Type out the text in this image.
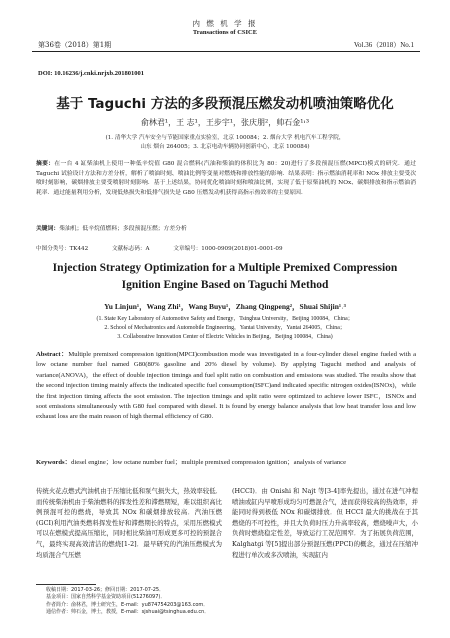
内 燃 机 学 报
Transactions of CSICE
第36卷（2018）第1期	Vol.36（2018）No.1
DOI: 10.16236/j.cnki.nrjxb.201801001
基于 Taguchi 方法的多段预混压燃发动机喷油策略优化
俞林君¹，王 志¹，王步宇¹，张庆朋²，帅石金¹˒³
(1. 清华大学 汽车安全与节能国家重点实验室，北京 100084；2. 烟台大学 机电汽车工程学院，
山东 烟台 264005；3. 北京电动车辆协同创新中心，北京 100084)
摘要：在一台 4 缸柴油机上使用一种低辛烷值 G80 混合燃料(汽油和柴油的体积比为 80：20)进行了多段预混压燃(MPCI)模式的研究．通过 Taguchi 试验设计方法和方差分析，解析了喷油时刻、喷油比例等变量对燃烧和排放性能的影响．结果表明：指示燃油消耗率和 NOx 排放主要受次喷时刻影响，碳烟排放主要受喷射时刻影响．基于上述结果，协同优化喷油时刻和喷油比例，实现了低于原柴油机的 NOx、碳烟排放和指示燃油消耗率．通过能量利用分析，发现低热损失和低排气损失是 G80 压燃发动机获得高指示热效率的主要原因．
关键词：柴油机；低辛烷值燃料；多段预混压燃；方差分析
中图分类号：TK442	文献标志码：A	文章编号：1000-0909(2018)01-0001-09
Injection Strategy Optimization for a Multiple Premixed Compression
Ignition Engine Based on Taguchi Method
Yu Linjun¹，Wang Zhi¹，Wang Buyu¹，Zhang Qingpeng²，Shuai Shijin¹˒³
(1. State Key Laboratory of Automotive Safety and Energy，Tsinghua University，Beijing 100084，China；
2. School of Mechatronics and Automobile Engineering，Yantai University，Yantai 264005，China；
3. Collaborative Innovation Center of Electric Vehicles in Beijing，Beijing 100084，China)
Abstract：Multiple premixed compression ignition(MPCI)combustion mode was investigated in a four-cylinder diesel engine fueled with a low octane number fuel named G80(80% gasoline and 20% diesel by volume). By applying Taguchi method and analysis of variance(ANOVA)，the effect of double injection timings and fuel split ratio on combustion and emissions was studied. The results show that the second injection timing mainly affects the indicated specific fuel consumption(ISFC)and indicated specific nitrogen oxides(ISNOx)，while the first injection timing affects the soot emission. The injection timings and split ratio were optimized to achieve lower ISFC，ISNOx and soot emissions simultaneously with G80 fuel compared with diesel. It is found by energy balance analysis that low heat transfer loss and low exhaust loss are the main reason of high thermal efficiency of G80.
Keywords：diesel engine；low octane number fuel；multiple premixed compression ignition；analysis of variance
传统火花点燃式汽油机由于压缩比低和泵气损失大，热效率较低．而传统柴油机由于柴油燃料的挥发性差和滞燃期短，难以组织高比例预混可控的燃烧，导致其 NOx 和碳烟排放较高．汽油压燃(GCI)利用汽油类燃料挥发性好和滞燃期长的特点，采用压燃模式可以在燃模式提高压缩比，同时相比柴油可形成更多可控的预混合气，最终实现高效清洁的燃烧[1-2]．最早研究的汽油压燃模式为均质混合气压燃
(HCCI)．由 Onishi 和 Najt 等[3-4]率先提出，通过在进气冲程喷油或缸内早喷形成均匀可燃混合气，进而获得较高的热效率，并能同时得到极低 NOx 和碳烟排放．但 HCCI 最大的挑战在于其燃烧的不可控性，并且大负荷时压力升高率较高，燃烧噪声大，小负荷时燃烧稳定性差，导致运行工况范围窄．为了拓展负荷范围，Kalghatgi 等[5]提出部分预混压燃(PPCI)的概念，通过在压缩冲程进行单次或多次喷油，实现缸内
收稿日期：2017-03-26；修回日期：2017-07-25．
基金项目：国家自然科学基金资助项目(51276097)．
作者简介：俞林君，博士研究生，E-mail：yu874754203@163.com．
通信作者：帅石金，博士，教授，E-mail：sjshuai@tsinghua.edu.cn．
